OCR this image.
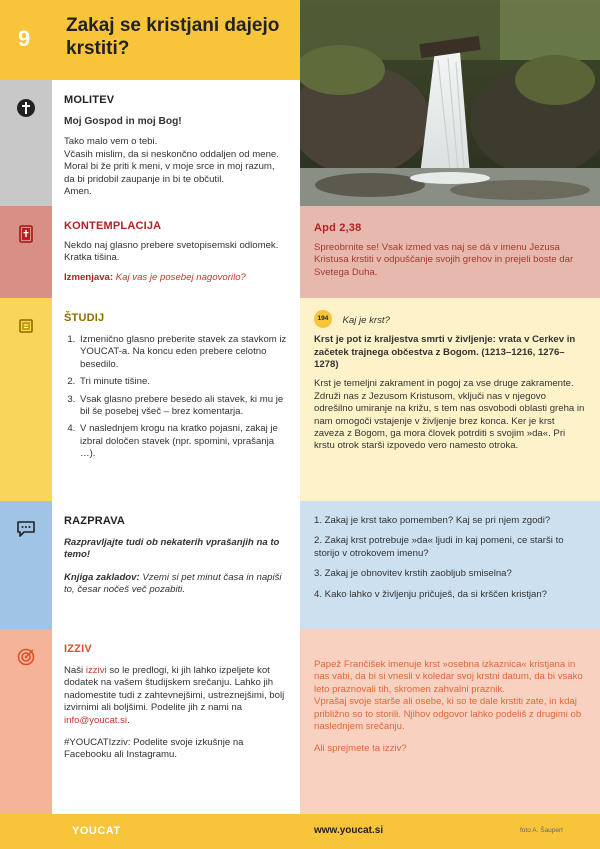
9
Zakaj se kristjani dajejo krstiti?
MOLITEV
Moj Gospod in moj Bog!
Tako malo vem o tebi.
Včasih mislim, da si neskončno oddaljen od mene.
Moral bi že priti k meni, v moje srce in moj razum,
da bi pridobil zaupanje in bi te občutil.
Amen.
KONTEMPLACIJA
Nekdo naj glasno prebere svetopisemski odlomek. Kratka tišina.
Izmenjava: Kaj vas je posebej nagovorilo?
Apd 2,38
Spreobrnite se! Vsak izmed vas naj se dá v imenu Jezusa Kristusa krstiti v odpuščanje svojih grehov in prejeli boste dar Svetega Duha.
ŠTUDIJ
1. Izmenično glasno preberite stavek za stavkom iz YOUCAT-a. Na koncu eden prebere celotno besedilo.
2. Tri minute tišine.
3. Vsak glasno prebere besedo ali stavek, ki mu je bil še posebej všeč – brez komentarja.
4. V naslednjem krogu na kratko pojasni, zakaj je izbral določen stavek (npr. spomini, vprašanja …).
194 Kaj je krst?
Krst je pot iz kraljestva smrti v življenje: vrata v Cerkev in začetek trajnega občestva z Bogom. (1213–1216, 1276–1278)
Krst je temeljni zakrament in pogoj za vse druge zakramente. Združi nas z Jezusom Kristusom, vključi nas v njegovo odrešilno umiranje na križu, s tem nas osvobodi oblasti greha in nam omogoči vstajenje v življenje brez konca. Ker je krst zaveza z Bogom, ga mora človek potrditi s svojim »da«. Pri krstu otrok starši izpovedo vero namesto otroka.
RAZPRAVA
Razpravljajte tudi ob nekaterih vprašanjih na to temo!
Knjiga zakladov: Vzemi si pet minut časa in napiši to, česar nočeš več pozabiti.
1. Zakaj je krst tako pomemben? Kaj se pri njem zgodi?
2. Zakaj krst potrebuje »da« ljudi in kaj pomeni, ce starši to storijo v otrokovem imenu?
3. Zakaj je obnovitev krstih zaobljub smiselna?
4. Kako lahko v življenju pričuješ, da si krščen kristjan?
IZZIV
Naši izzivi so le predlogi, ki jih lahko izpeljete kot dodatek na vašem študijskem srečanju. Lahko jih nadomestite tudi z zahtevnejšimi, ustreznejšimi, bolj izvirnimi ali boljšimi. Podelite jih z nami na info@youcat.si.
#YOUCATIzziv: Podelite svoje izkušnje na Facebooku ali Instagramu.
Papež Frančišek imenuje krst »osebna izkaznica« kristjana in nas vabi, da bi si vnesli v koledar svoj krstni datum, da bi vsako leto praznovali tih, skromen zahvalni praznik.
Vprašaj svoje starše ali osebe, ki so te dale krstiti zate, in kdaj približno so to storili. Njihov odgovor lahko podeliš z drugimi ob naslednjem srečanju.
Ali sprejmete ta izziv?
YOUCAT	www.youcat.si	foto A. Šauperl
